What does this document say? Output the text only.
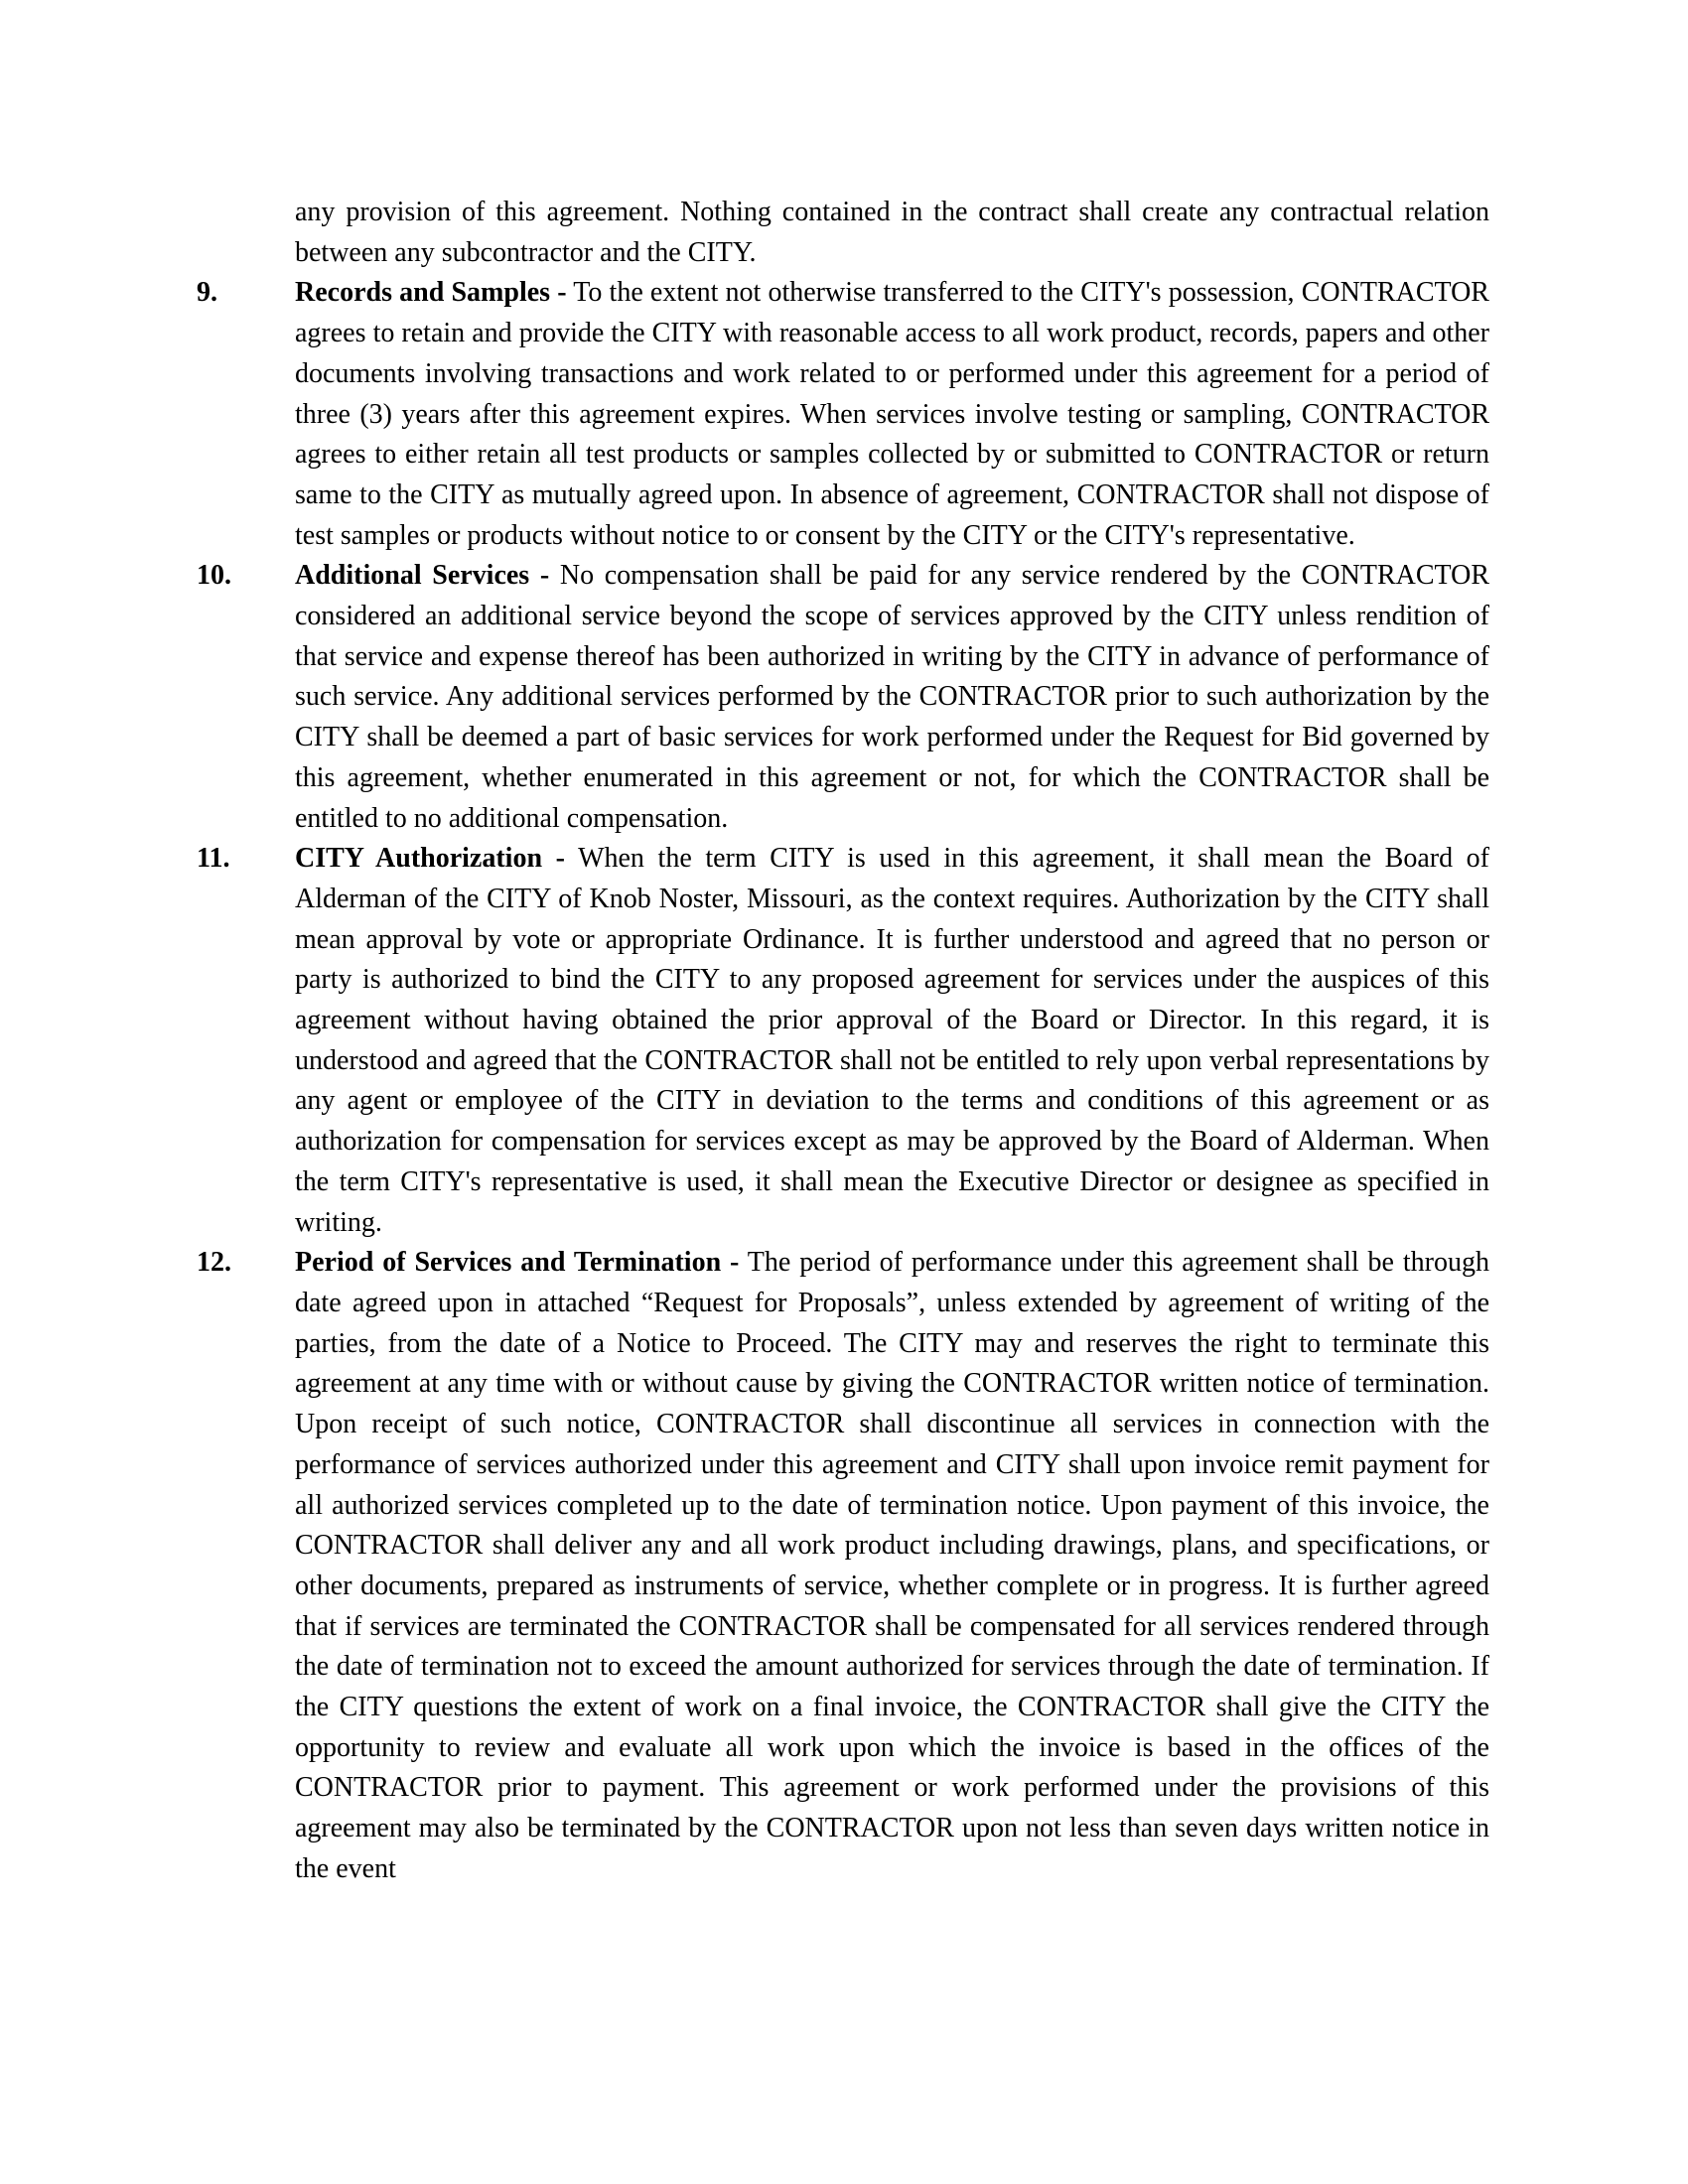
any provision of this agreement. Nothing contained in the contract shall create any contractual relation between any subcontractor and the CITY.

9.	Records and Samples - To the extent not otherwise transferred to the CITY's possession, CONTRACTOR agrees to retain and provide the CITY with reasonable access to all work product, records, papers and other documents involving transactions and work related to or performed under this agreement for a period of three (3) years after this agreement expires. When services involve testing or sampling, CONTRACTOR agrees to either retain all test products or samples collected by or submitted to CONTRACTOR or return same to the CITY as mutually agreed upon. In absence of agreement, CONTRACTOR shall not dispose of test samples or products without notice to or consent by the CITY or the CITY's representative.

10. Additional Services - No compensation shall be paid for any service rendered by the CONTRACTOR considered an additional service beyond the scope of services approved by the CITY unless rendition of that service and expense thereof has been authorized in writing by the CITY in advance of performance of such service. Any additional services performed by the CONTRACTOR prior to such authorization by the CITY shall be deemed a part of basic services for work performed under the Request for Bid governed by this agreement, whether enumerated in this agreement or not, for which the CONTRACTOR shall be entitled to no additional compensation.

11. CITY Authorization - When the term CITY is used in this agreement, it shall mean the Board of Alderman of the CITY of Knob Noster, Missouri, as the context requires. Authorization by the CITY shall mean approval by vote or appropriate Ordinance. It is further understood and agreed that no person or party is authorized to bind the CITY to any proposed agreement for services under the auspices of this agreement without having obtained the prior approval of the Board or Director. In this regard, it is understood and agreed that the CONTRACTOR shall not be entitled to rely upon verbal representations by any agent or employee of the CITY in deviation to the terms and conditions of this agreement or as authorization for compensation for services except as may be approved by the Board of Alderman. When the term CITY's representative is used, it shall mean the Executive Director or designee as specified in writing.

12. Period of Services and Termination - The period of performance under this agreement shall be through date agreed upon in attached “Request for Proposals”, unless extended by agreement of writing of the parties, from the date of a Notice to Proceed. The CITY may and reserves the right to terminate this agreement at any time with or without cause by giving the CONTRACTOR written notice of termination. Upon receipt of such notice, CONTRACTOR shall discontinue all services in connection with the performance of services authorized under this agreement and CITY shall upon invoice remit payment for all authorized services completed up to the date of termination notice. Upon payment of this invoice, the CONTRACTOR shall deliver any and all work product including drawings, plans, and specifications, or other documents, prepared as instruments of service, whether complete or in progress. It is further agreed that if services are terminated the CONTRACTOR shall be compensated for all services rendered through the date of termination not to exceed the amount authorized for services through the date of termination. If the CITY questions the extent of work on a final invoice, the CONTRACTOR shall give the CITY the opportunity to review and evaluate all work upon which the invoice is based in the offices of the CONTRACTOR prior to payment. This agreement or work performed under the provisions of this agreement may also be terminated by the CONTRACTOR upon not less than seven days written notice in the event
